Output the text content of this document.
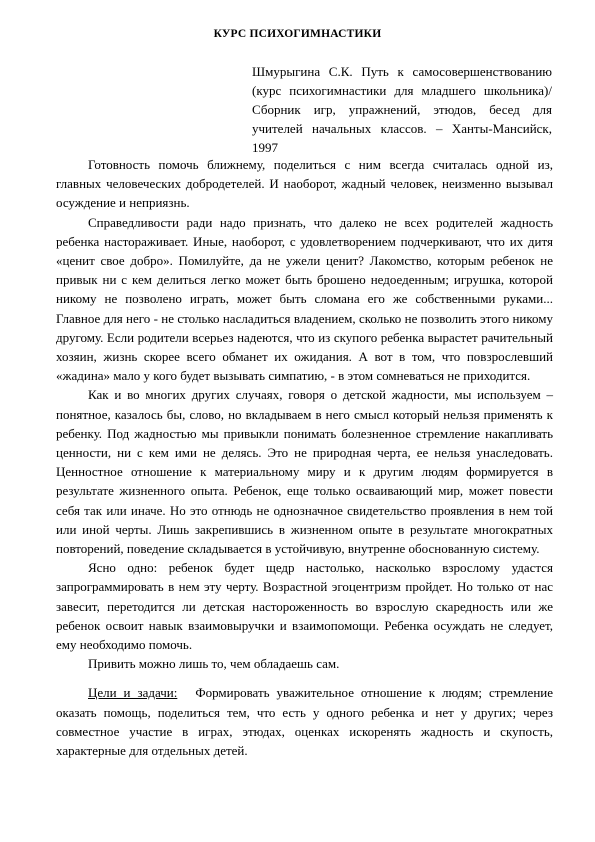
КУРС ПСИХОГИМНАСТИКИ
Шмурыгина С.К. Путь к самосовершенствованию (курс психогимнастики для младшего школьника)/Сборник игр, упражнений, этюдов, бесед для учителей начальных классов. – Ханты-Мансийск, 1997

Готовность помочь ближнему, поделиться с ним всегда считалась одной из, главных человеческих добродетелей. И наоборот, жадный человек, неизменно вызывал осуждение и неприязнь.

Справедливости ради надо признать, что далеко не всех родителей жадность ребенка настораживает. Иные, наоборот, с удовлетворением подчеркивают, что их дитя «ценит свое добро». Помилуйте, да не ужели ценит? Лакомство, которым ребенок не привык ни с кем делиться легко может быть брошено недоеденным; игрушка, которой никому не позволено играть, может быть сломана его же собственными руками... Главное для него - не столько насладиться владением, сколько не позволить этого никому другому. Если родители всерьез надеются, что из скупого ребенка вырастет рачительный хозяин, жизнь скорее всего обманет их ожидания. А вот в том, что повзрослевший «жадина» мало у кого будет вызывать симпатию, - в этом сомневаться не приходится.

Как и во многих других случаях, говоря о детской жадности, мы используем – понятное, казалось бы, слово, но вкладываем в него смысл который нельзя применять к ребенку. Под жадностью мы привыкли понимать болезненное стремление накапливать ценности, ни с кем ими не делясь. Это не природная черта, ее нельзя унаследовать. Ценностное отношение к материальному миру и к другим людям формируется в результате жизненного опыта. Ребенок, еще только осваивающий мир, может повести себя так или иначе. Но это отнюдь не однозначное свидетельство проявления в нем той или иной черты. Лишь закрепившись в жизненном опыте в результате многократных повторений, поведение складывается в устойчивую, внутренне обоснованную систему.

Ясно одно: ребенок будет щедр настолько, насколько взрослому удастся запрограммировать в нем эту черту. Возрастной эгоцентризм пройдет. Но только от нас завесит, перетодится ли детская настороженность во взрослую скаредность или же ребенок освоит навык взаимовыручки и взаимопомощи. Ребенка осуждать не следует, ему необходимо помочь.

Привить можно лишь то, чем обладаешь сам.

Цели и задачи: Формировать уважительное отношение к людям; стремление оказать помощь, поделиться тем, что есть у одного ребенка и нет у других; через совместное участие в играх, этюдах, оценках искоренять жадность и скупость, характерные для отдельных детей.
